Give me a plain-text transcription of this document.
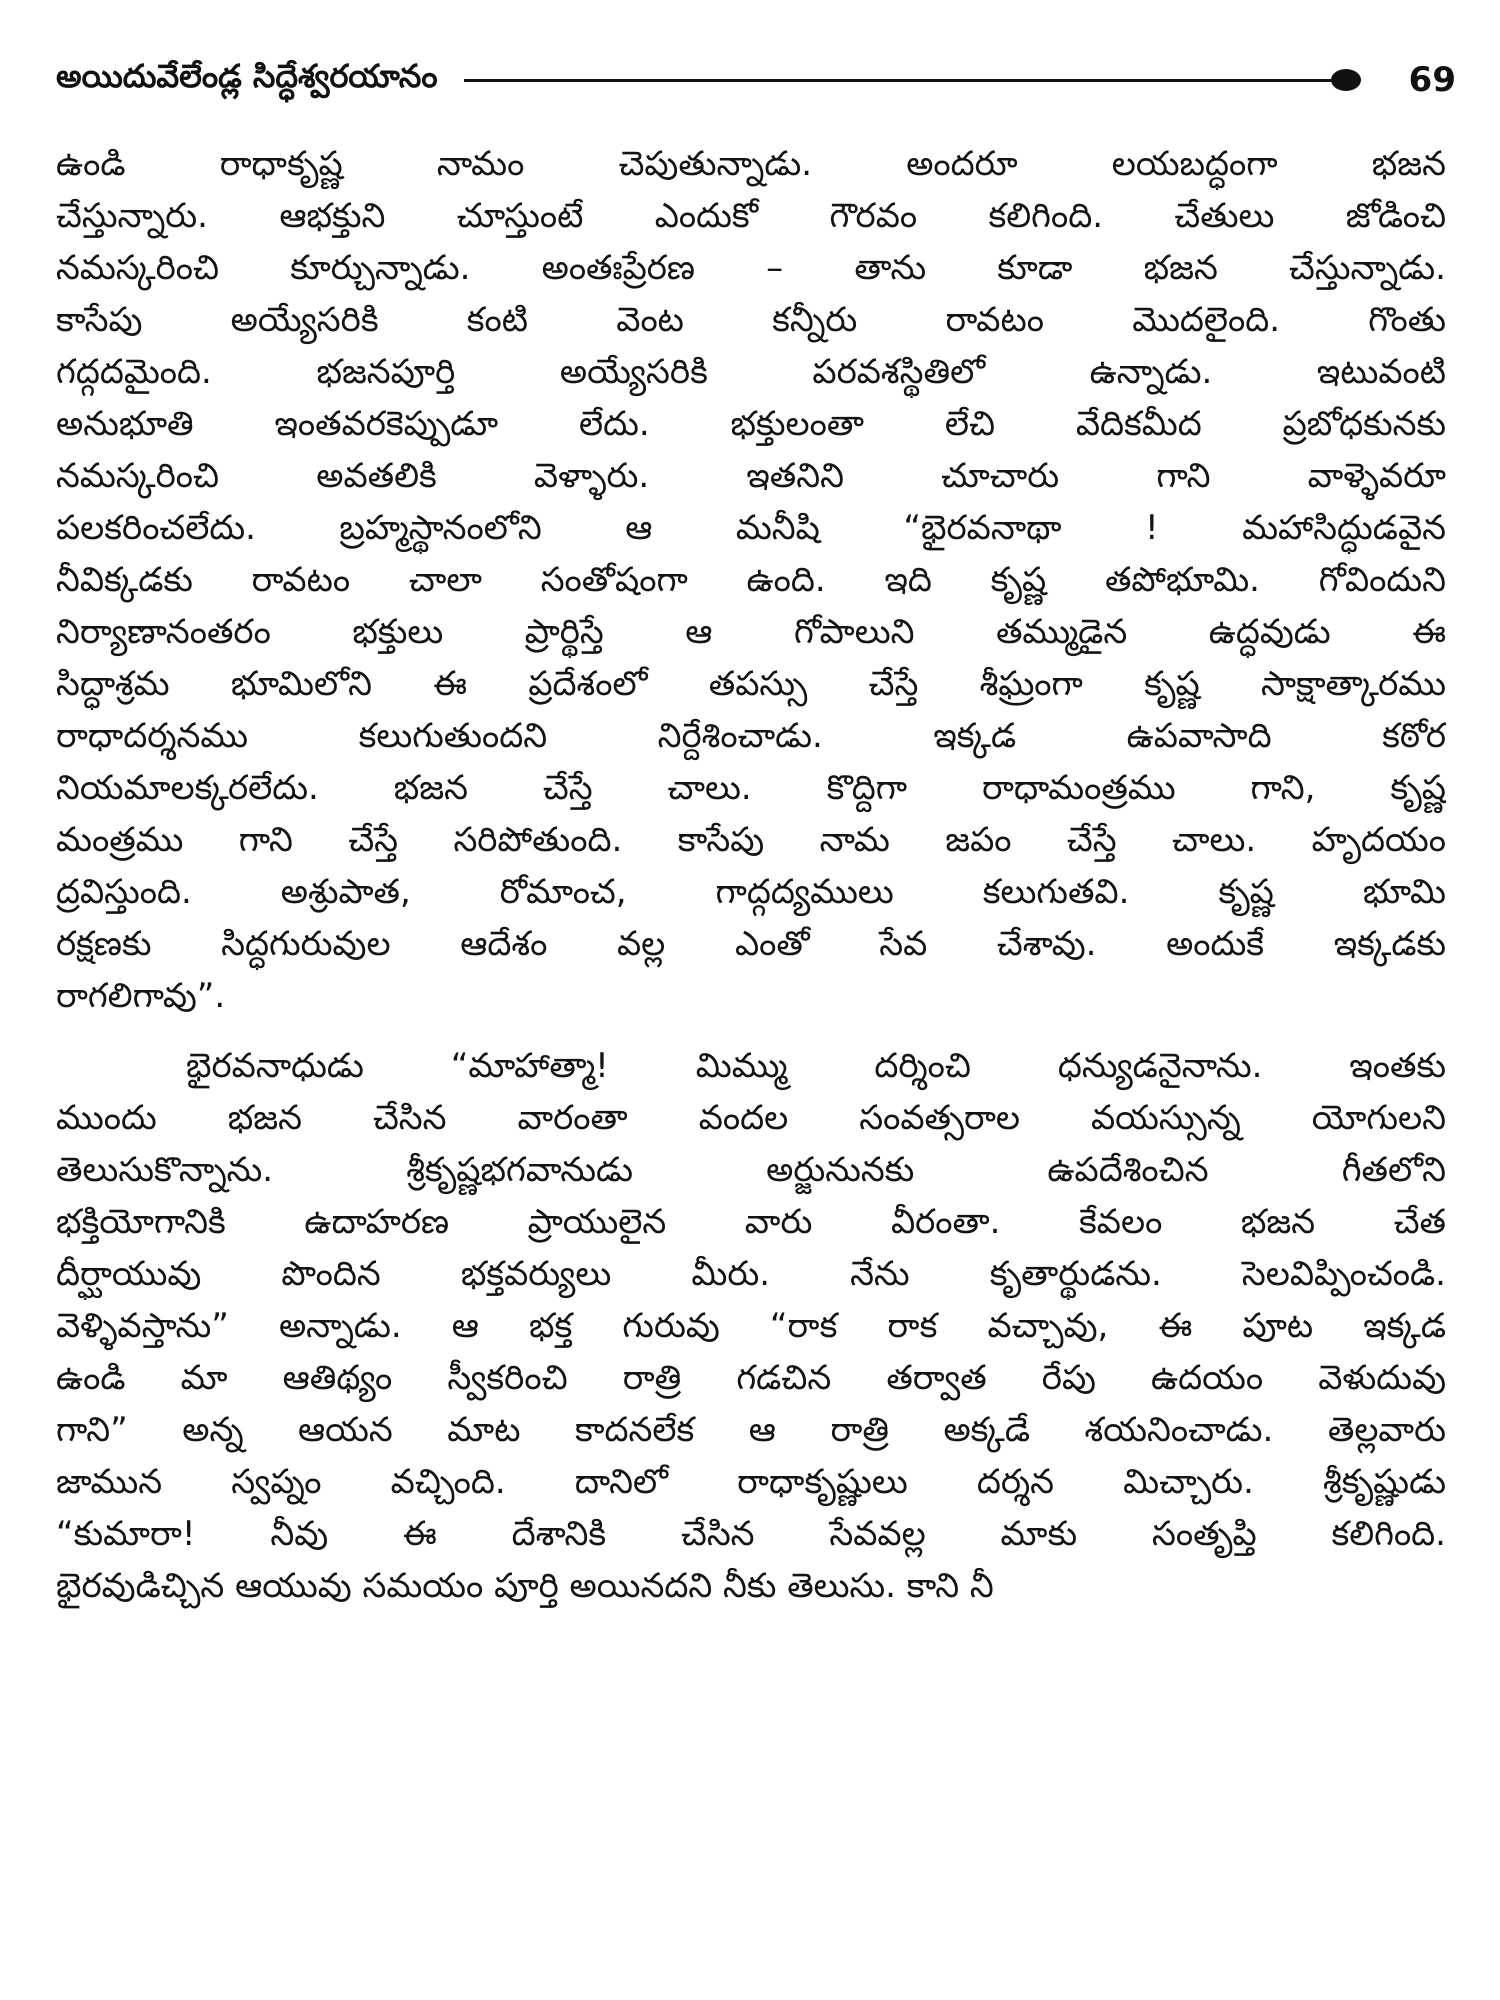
అయిదువేలేండ్ల సిద్ధేశ్వరయానం	69
ఉండి రాధాకృష్ణ నామం చెపుతున్నాడు. అందరూ లయబద్ధంగా భజన
చేస్తున్నారు. ఆభక్తుని చూస్తుంటే ఎందుకో గౌరవం కలిగింది. చేతులు జోడించి
నమస్కరించి కూర్చున్నాడు. అంతఃప్రేరణ – తాను కూడా భజన చేస్తున్నాడు.
కాసేపు అయ్యేసరికి కంటి వెంట కన్నీరు రావటం మొదలైంది. గొంతు
గద్గదమైంది. భజనపూర్తి అయ్యేసరికి పరవశస్థితిలో ఉన్నాడు. ఇటువంటి
అనుభూతి ఇంతవరకెప్పుడూ లేదు. భక్తులంతా లేచి వేదికమీద ప్రబోధకునకు
నమస్కరించి అవతలికి వెళ్ళారు. ఇతనిని చూచారు గాని వాళ్ళెవరూ
పలకరించలేదు. బ్రహ్మస్థానంలోని ఆ మనీషి “భైరవనాథా ! మహాసిద్ధుడవైన
నీవిక్కడకు రావటం చాలా సంతోషంగా ఉంది. ఇది కృష్ణ తపోభూమి. గోవిందుని
నిర్యాణానంతరం భక్తులు ప్రార్థిస్తే ఆ గోపాలుని తమ్ముడైన ఉద్ధవుడు ఈ
సిద్ధాశ్రమ భూమిలోని ఈ ప్రదేశంలో తపస్సు చేస్తే శీఘ్రంగా కృష్ణ సాక్షాత్కారము
రాధాదర్శనము కలుగుతుందని నిర్దేశించాడు. ఇక్కడ ఉపవాసాది కఠోర
నియమాలక్కరలేదు. భజన చేస్తే చాలు. కొద్దిగా రాధామంత్రము గాని, కృష్ణ
మంత్రము గాని చేస్తే సరిపోతుంది. కాసేపు నామ జపం చేస్తే చాలు. హృదయం
ద్రవిస్తుంది. అశ్రుపాత, రోమాంచ, గాద్గద్యములు కలుగుతవి. కృష్ణ భూమి
రక్షణకు సిద్ధగురువుల ఆదేశం వల్ల ఎంతో సేవ చేశావు. అందుకే ఇక్కడకు
రాగలిగావు”.
భైరవనాధుడు “మాహాత్మా! మిమ్ము దర్శించి ధన్యుడనైనాను. ఇంతకు
ముందు భజన చేసిన వారంతా వందల సంవత్సరాల వయస్సున్న యోగులని
తెలుసుకొన్నాను. శ్రీకృష్ణభగవానుడు అర్జునునకు ఉపదేశించిన గీతలోని
భక్తియోగానికి ఉదాహరణ ప్రాయులైన వారు వీరంతా. కేవలం భజన చేత
దీర్ఘాయువు పొందిన భక్తవర్యులు మీరు. నేను కృతార్థుడను. సెలవిప్పించండి.
వెళ్ళివస్తాను” అన్నాడు. ఆ భక్త గురువు “రాక రాక వచ్చావు, ఈ పూట ఇక్కడ
ఉండి మా ఆతిథ్యం స్వీకరించి రాత్రి గడచిన తర్వాత రేపు ఉదయం వెళుదువు
గాని” అన్న ఆయన మాట కాదనలేక ఆ రాత్రి అక్కడే శయనించాడు. తెల్లవారు
జామున స్వప్నం వచ్చింది. దానిలో రాధాకృష్ణులు దర్శన మిచ్చారు. శ్రీకృష్ణుడు
“కుమారా! నీవు ఈ దేశానికి చేసిన సేవవల్ల మాకు సంతృప్తి కలిగింది.
భైరవుడిచ్చిన ఆయువు సమయం పూర్తి అయినదని నీకు తెలుసు. కాని నీ
